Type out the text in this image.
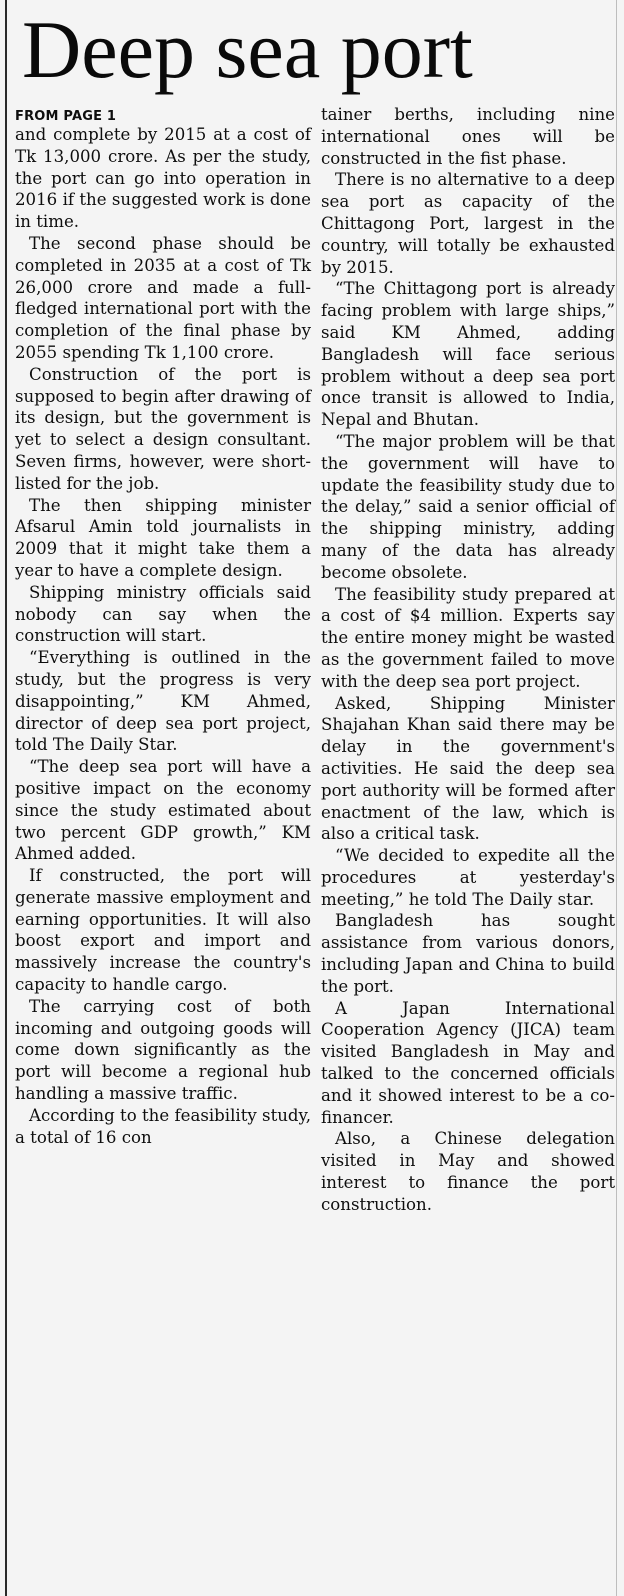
Deep sea port
FROM PAGE 1

and complete by 2015 at a cost of Tk 13,000 crore. As per the study, the port can go into operation in 2016 if the suggested work is done in time.

The second phase should be completed in 2035 at a cost of Tk 26,000 crore and made a full-fledged international port with the completion of the final phase by 2055 spending Tk 1,100 crore.

Construction of the port is supposed to begin after drawing of its design, but the government is yet to select a design consultant. Seven firms, however, were shortlisted for the job.

The then shipping minister Afsarul Amin told journalists in 2009 that it might take them a year to have a complete design.

Shipping ministry officials said nobody can say when the construction will start.

“Everything is outlined in the study, but the progress is very disappointing,” KM Ahmed, director of deep sea port project, told The Daily Star.

“The deep sea port will have a positive impact on the economy since the study estimated about two percent GDP growth,” KM Ahmed added.

If constructed, the port will generate massive employment and earning opportunities. It will also boost export and import and massively increase the country's capacity to handle cargo.

The carrying cost of both incoming and outgoing goods will come down significantly as the port will become a regional hub handling a massive traffic.

According to the feasibility study, a total of 16 con

tainer berths, including nine international ones will be constructed in the fist phase.

There is no alternative to a deep sea port as capacity of the Chittagong Port, largest in the country, will totally be exhausted by 2015.

“The Chittagong port is already facing problem with large ships,” said KM Ahmed, adding Bangladesh will face serious problem without a deep sea port once transit is allowed to India, Nepal and Bhutan.

“The major problem will be that the government will have to update the feasibility study due to the delay,” said a senior official of the shipping ministry, adding many of the data has already become obsolete.

The feasibility study prepared at a cost of $4 million. Experts say the entire money might be wasted as the government failed to move with the deep sea port project.

Asked, Shipping Minister Shajahan Khan said there may be delay in the government's activities. He said the deep sea port authority will be formed after enactment of the law, which is also a critical task.

“We decided to expedite all the procedures at yesterday's meeting,” he told The Daily star.

Bangladesh has sought assistance from various donors, including Japan and China to build the port.

A Japan International Cooperation Agency (JICA) team visited Bangladesh in May and talked to the concerned officials and it showed interest to be a cofinancer.

Also, a Chinese delegation visited in May and showed interest to finance the port construction.
